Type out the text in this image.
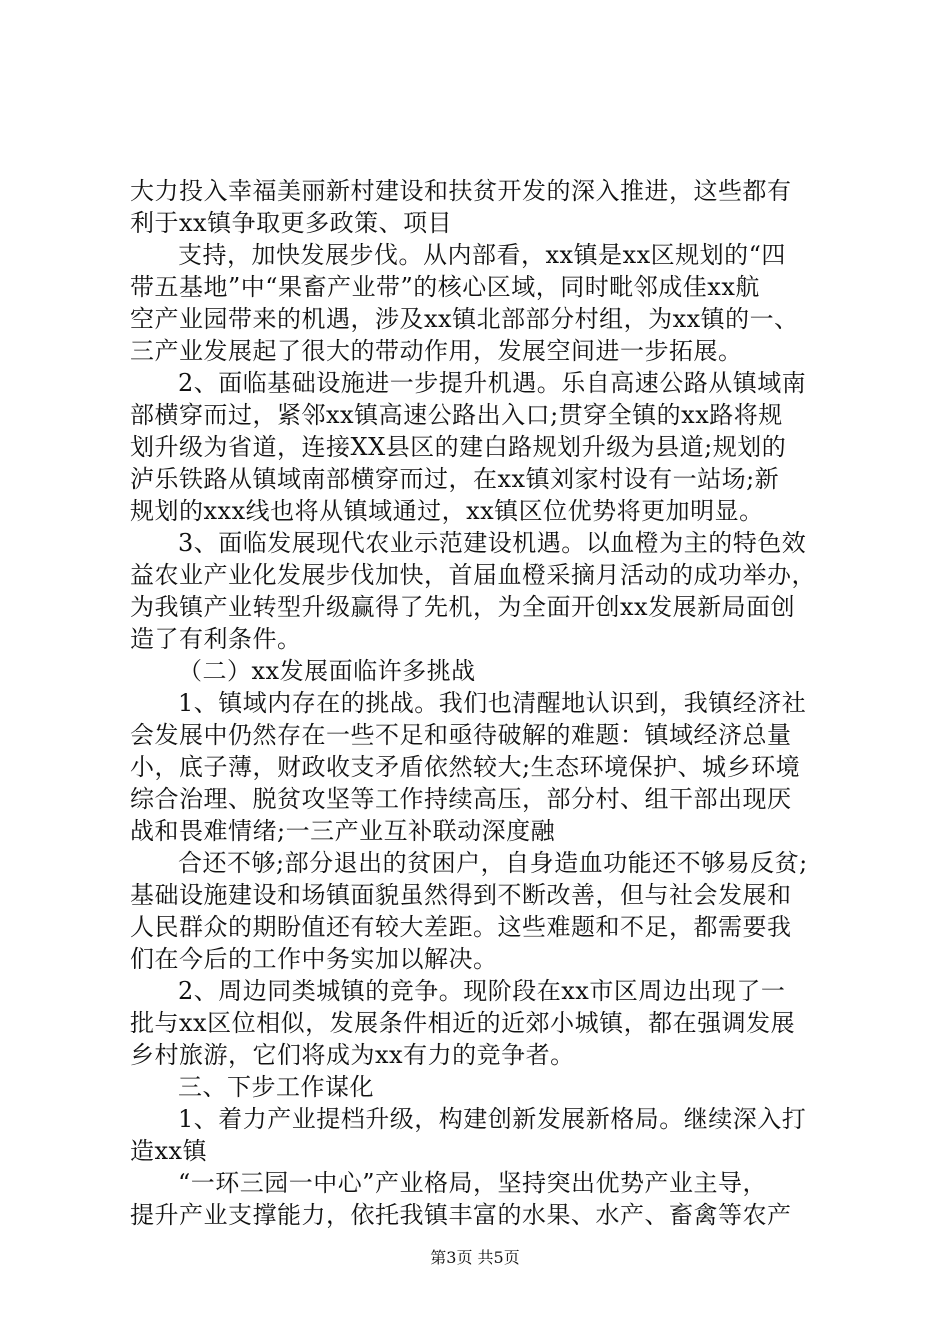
大力投入幸福美丽新村建设和扶贫开发的深入推进，这些都有
利于xx镇争取更多政策、项目
支持，加快发展步伐。从内部看，xx镇是xx区规划的“四
带五基地”中“果畜产业带”的核心区域，同时毗邻成佳xx航
空产业园带来的机遇，涉及xx镇北部部分村组，为xx镇的一、
三产业发展起了很大的带动作用，发展空间进一步拓展。
2、面临基础设施进一步提升机遇。乐自高速公路从镇域南
部横穿而过，紧邻xx镇高速公路出入口;贯穿全镇的xx路将规
划升级为省道，连接XX县区的建白路规划升级为县道;规划的
泸乐铁路从镇域南部横穿而过，在xx镇刘家村设有一站场;新
规划的xxx线也将从镇域通过，xx镇区位优势将更加明显。
3、面临发展现代农业示范建设机遇。以血橙为主的特色效
益农业产业化发展步伐加快，首届血橙采摘月活动的成功举办，
为我镇产业转型升级赢得了先机，为全面开创xx发展新局面创
造了有利条件。
（二）xx发展面临许多挑战
1、镇域内存在的挑战。我们也清醒地认识到，我镇经济社
会发展中仍然存在一些不足和亟待破解的难题：镇域经济总量
小，底子薄，财政收支矛盾依然较大;生态环境保护、城乡环境
综合治理、脱贫攻坚等工作持续高压，部分村、组干部出现厌
战和畏难情绪;一三产业互补联动深度融
合还不够;部分退出的贫困户，自身造血功能还不够易反贫;
基础设施建设和场镇面貌虽然得到不断改善，但与社会发展和
人民群众的期盼值还有较大差距。这些难题和不足，都需要我
们在今后的工作中务实加以解决。
2、周边同类城镇的竞争。现阶段在xx市区周边出现了一
批与xx区位相似，发展条件相近的近郊小城镇，都在强调发展
乡村旅游，它们将成为xx有力的竞争者。
三、下步工作谋化
1、着力产业提档升级，构建创新发展新格局。继续深入打
造xx镇
“一环三园一中心”产业格局，坚持突出优势产业主导，
提升产业支撑能力，依托我镇丰富的水果、水产、畜禽等农产
第3页 共5页
